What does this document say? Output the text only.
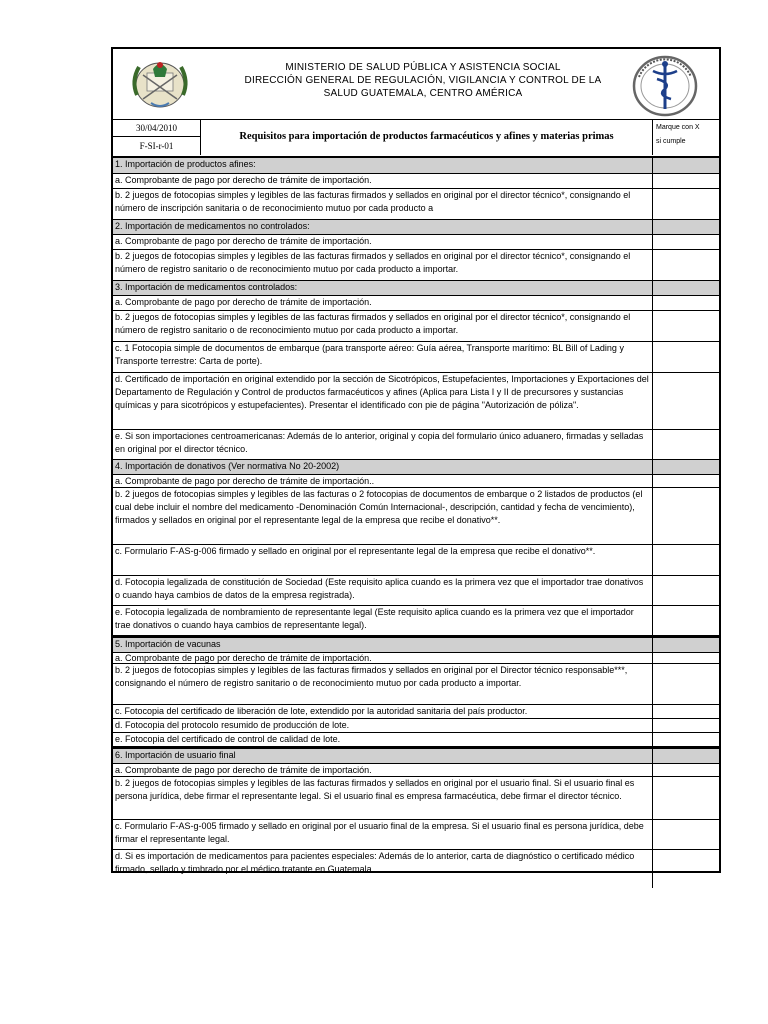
MINISTERIO DE SALUD PÚBLICA Y ASISTENCIA SOCIAL
DIRECCIÓN GENERAL DE REGULACIÓN, VIGILANCIA Y CONTROL DE LA
SALUD GUATEMALA, CENTRO AMÉRICA
30/04/2010
F-SI-r-01
Requisitos para importación de productos farmacéuticos y afines y materias primas
Marque con X
si cumple
1. Importación de productos afines:
a. Comprobante de pago por derecho de trámite de importación.
b. 2 juegos de fotocopias simples y legibles de las facturas firmados y sellados en original por el director técnico*, consignando el número de inscripción sanitaria o de reconocimiento mutuo por cada producto a
2. Importación de medicamentos no controlados:
a. Comprobante de pago por derecho de trámite de importación.
b. 2 juegos de fotocopias simples y legibles de las facturas firmados y sellados en original por el director técnico*, consignando el número de registro sanitario o de reconocimiento mutuo por cada producto a importar.
3. Importación de medicamentos controlados:
a. Comprobante de pago por derecho de trámite de importación.
b. 2 juegos de fotocopias simples y legibles de las facturas firmados y sellados en original por el director técnico*, consignando el número de registro sanitario o de reconocimiento mutuo por cada producto a importar.
c. 1 Fotocopia simple de documentos de embarque (para transporte aéreo: Guía aérea, Transporte marítimo: BL Bill of Lading y Transporte terrestre: Carta de porte).
d. Certificado de importación en original extendido por la sección de Sicotrópicos, Estupefacientes, Importaciones y Exportaciones del Departamento de Regulación y Control de productos farmacéuticos y afines (Aplica para Lista I y II de precursores y sustancias químicas y para sicotrópicos y estupefacientes). Presentar el identificado con pie de página "Autorización de póliza".
e. Si son importaciones centroamericanas: Además de lo anterior, original y copia del formulario único aduanero, firmadas y selladas en original por el director técnico.
4. Importación de donativos (Ver normativa No 20-2002)
a. Comprobante de pago por derecho de trámite de importación..
b. 2 juegos de fotocopias simples y legibles de las facturas o 2 fotocopias de documentos de embarque o 2 listados de productos (el cual debe incluir el nombre del medicamento -Denominación Común Internacional-, descripción, cantidad y fecha de vencimiento), firmados y sellados en original por el representante legal de la empresa que recibe el donativo**.
c. Formulario F-AS-g-006 firmado y sellado en original por el representante legal de la empresa que recibe el donativo**.
d. Fotocopia legalizada de constitución de Sociedad (Este requisito aplica cuando es la primera vez que el importador trae donativos o cuando haya cambios de datos de la empresa registrada).
e. Fotocopia legalizada de nombramiento de representante legal (Este requisito aplica cuando es la primera vez que el importador trae donativos o cuando haya cambios de representante legal).
5. Importación de vacunas
a. Comprobante de pago por derecho de trámite de importación.
b. 2 juegos de fotocopias simples y legibles de las facturas firmados y sellados en original por el Director técnico responsable***, consignando el número de registro sanitario o de reconocimiento mutuo por cada producto a importar.
c. Fotocopia del certificado de liberación de lote, extendido por la autoridad sanitaria del país productor.
d. Fotocopia del protocolo resumido de producción de lote.
e. Fotocopia del certificado de control de calidad de lote.
6. Importación de usuario final
a. Comprobante de pago por derecho de trámite de importación.
b. 2 juegos de fotocopias simples y legibles de las facturas firmados y sellados en original por el usuario final. Si el usuario final es persona jurídica, debe firmar el representante legal. Si el usuario final es empresa farmacéutica, debe firmar el director técnico.
c. Formulario F-AS-g-005 firmado y sellado en original por el usuario final de la empresa. Si el usuario final es persona jurídica, debe firmar el representante legal.
d. Si es importación de medicamentos para pacientes especiales: Además de lo anterior, carta de diagnóstico o certificado médico firmado, sellado y timbrado por el médico tratante en Guatemala.
